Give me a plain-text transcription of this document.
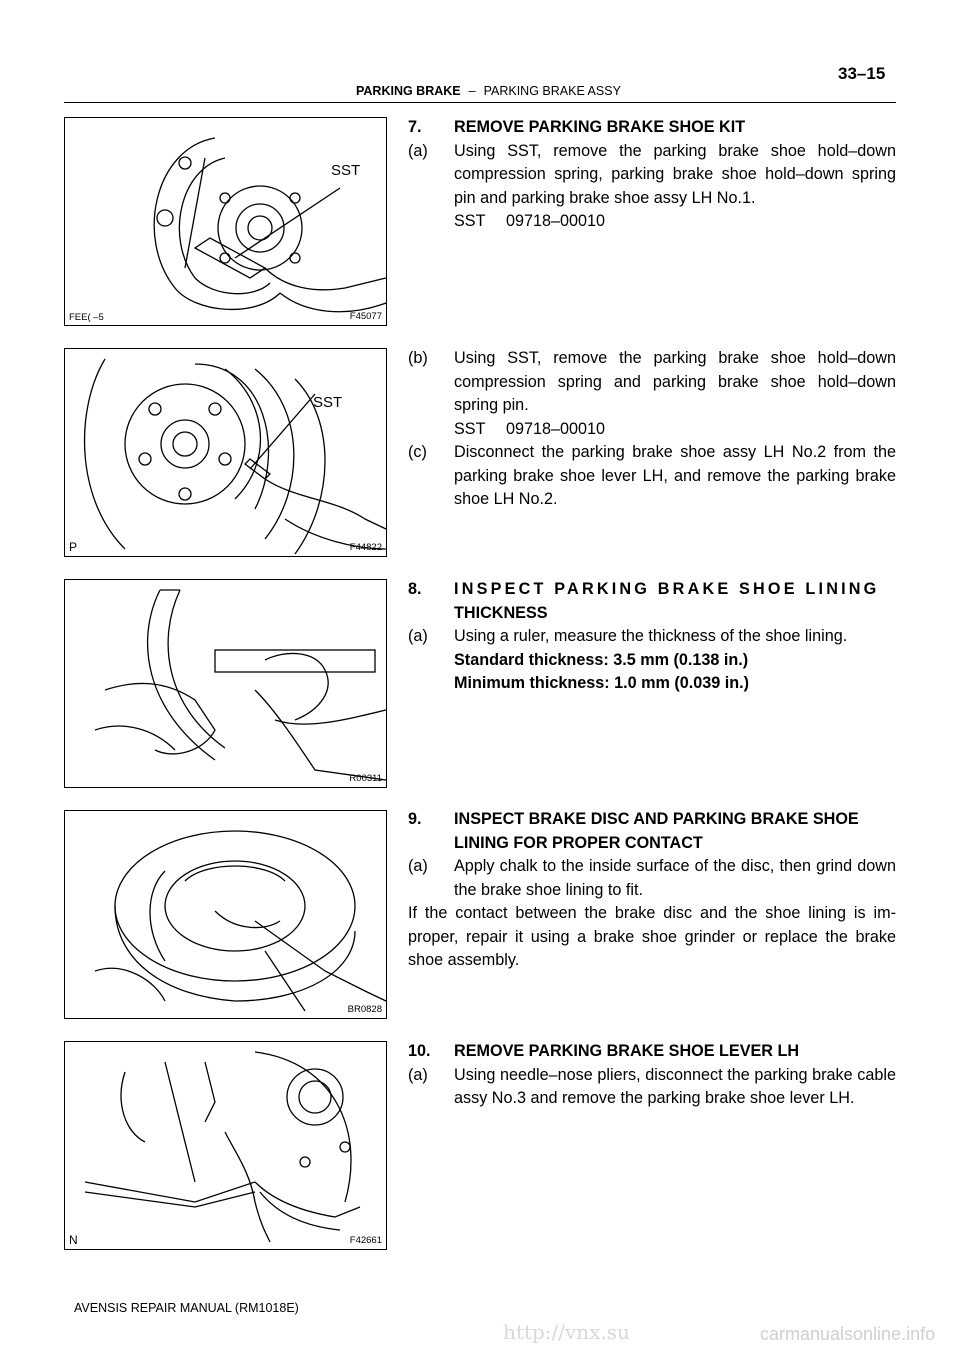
PARKING BRAKE – PARKING BRAKE ASSY
33–15
SST
FEE( –5	F45077
SST
P	F44822
R00311
BR0828
N	F42661
7.	REMOVE PARKING BRAKE SHOE KIT
(a)	Using SST, remove the parking brake shoe hold–down compression spring, parking brake shoe hold–down spring pin and parking brake shoe assy LH No.1.
SST 09718–00010
(b)	Using SST, remove the parking brake shoe hold–down compression spring and parking brake shoe hold–down spring pin.
SST 09718–00010
(c)	Disconnect the parking brake shoe assy LH No.2 from the parking brake shoe lever LH, and remove the parking brake shoe LH No.2.
8.	INSPECT PARKING BRAKE SHOE LINING
THICKNESS
(a)	Using a ruler, measure the thickness of the shoe lining.
Standard thickness: 3.5 mm (0.138 in.)
Minimum thickness: 1.0 mm (0.039 in.)
9.	INSPECT BRAKE DISC AND PARKING BRAKE SHOE
LINING FOR PROPER CONTACT
(a)	Apply chalk to the inside surface of the disc, then grind down the brake shoe lining to fit.
If the contact between the brake disc and the shoe lining is im- proper, repair it using a brake shoe grinder or replace the brake shoe assembly.
10.	REMOVE PARKING BRAKE SHOE LEVER LH
(a)	Using needle–nose pliers, disconnect the parking brake cable assy No.3 and remove the parking brake shoe lever LH.
AVENSIS REPAIR MANUAL (RM1018E)
http://vnx.su	carmanualsonline.info
